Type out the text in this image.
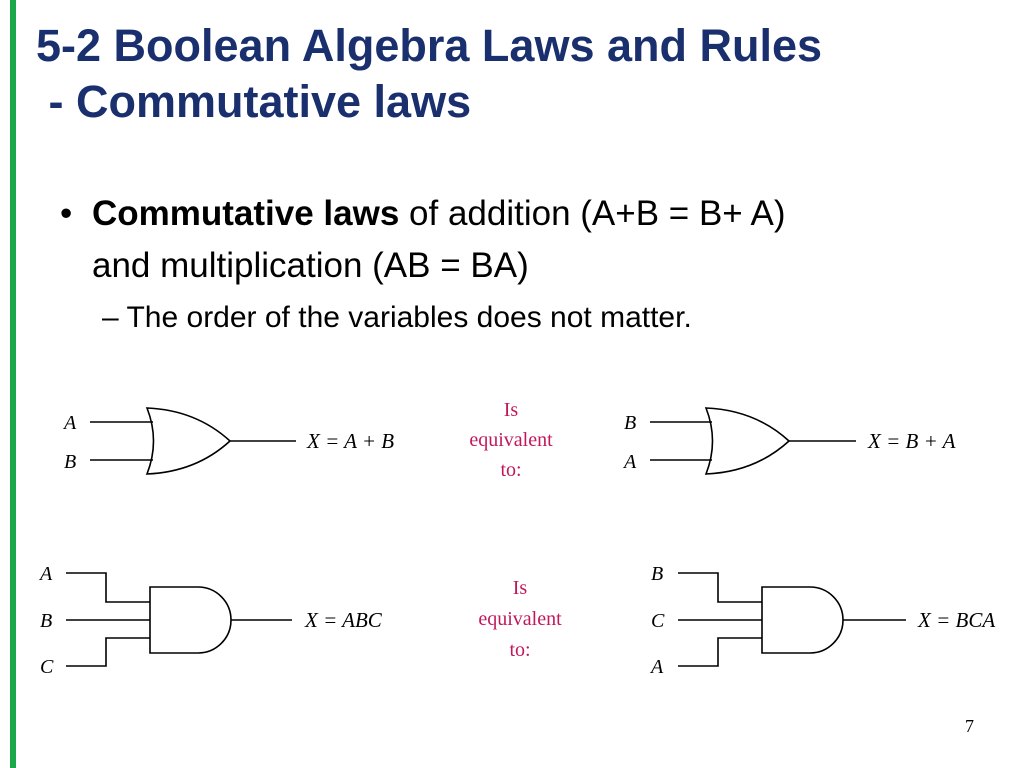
5-2 Boolean Algebra Laws and Rules
- Commutative laws
• Commutative laws of addition (A+B = B+ A)
and multiplication (AB = BA)
– The order of the variables does not matter.
A
B
X = A + B
Is
equivalent
to:
B
A
X = B + A
A
B
C
X = ABC
Is
equivalent
to:
B
C
A
X = BCA
7
